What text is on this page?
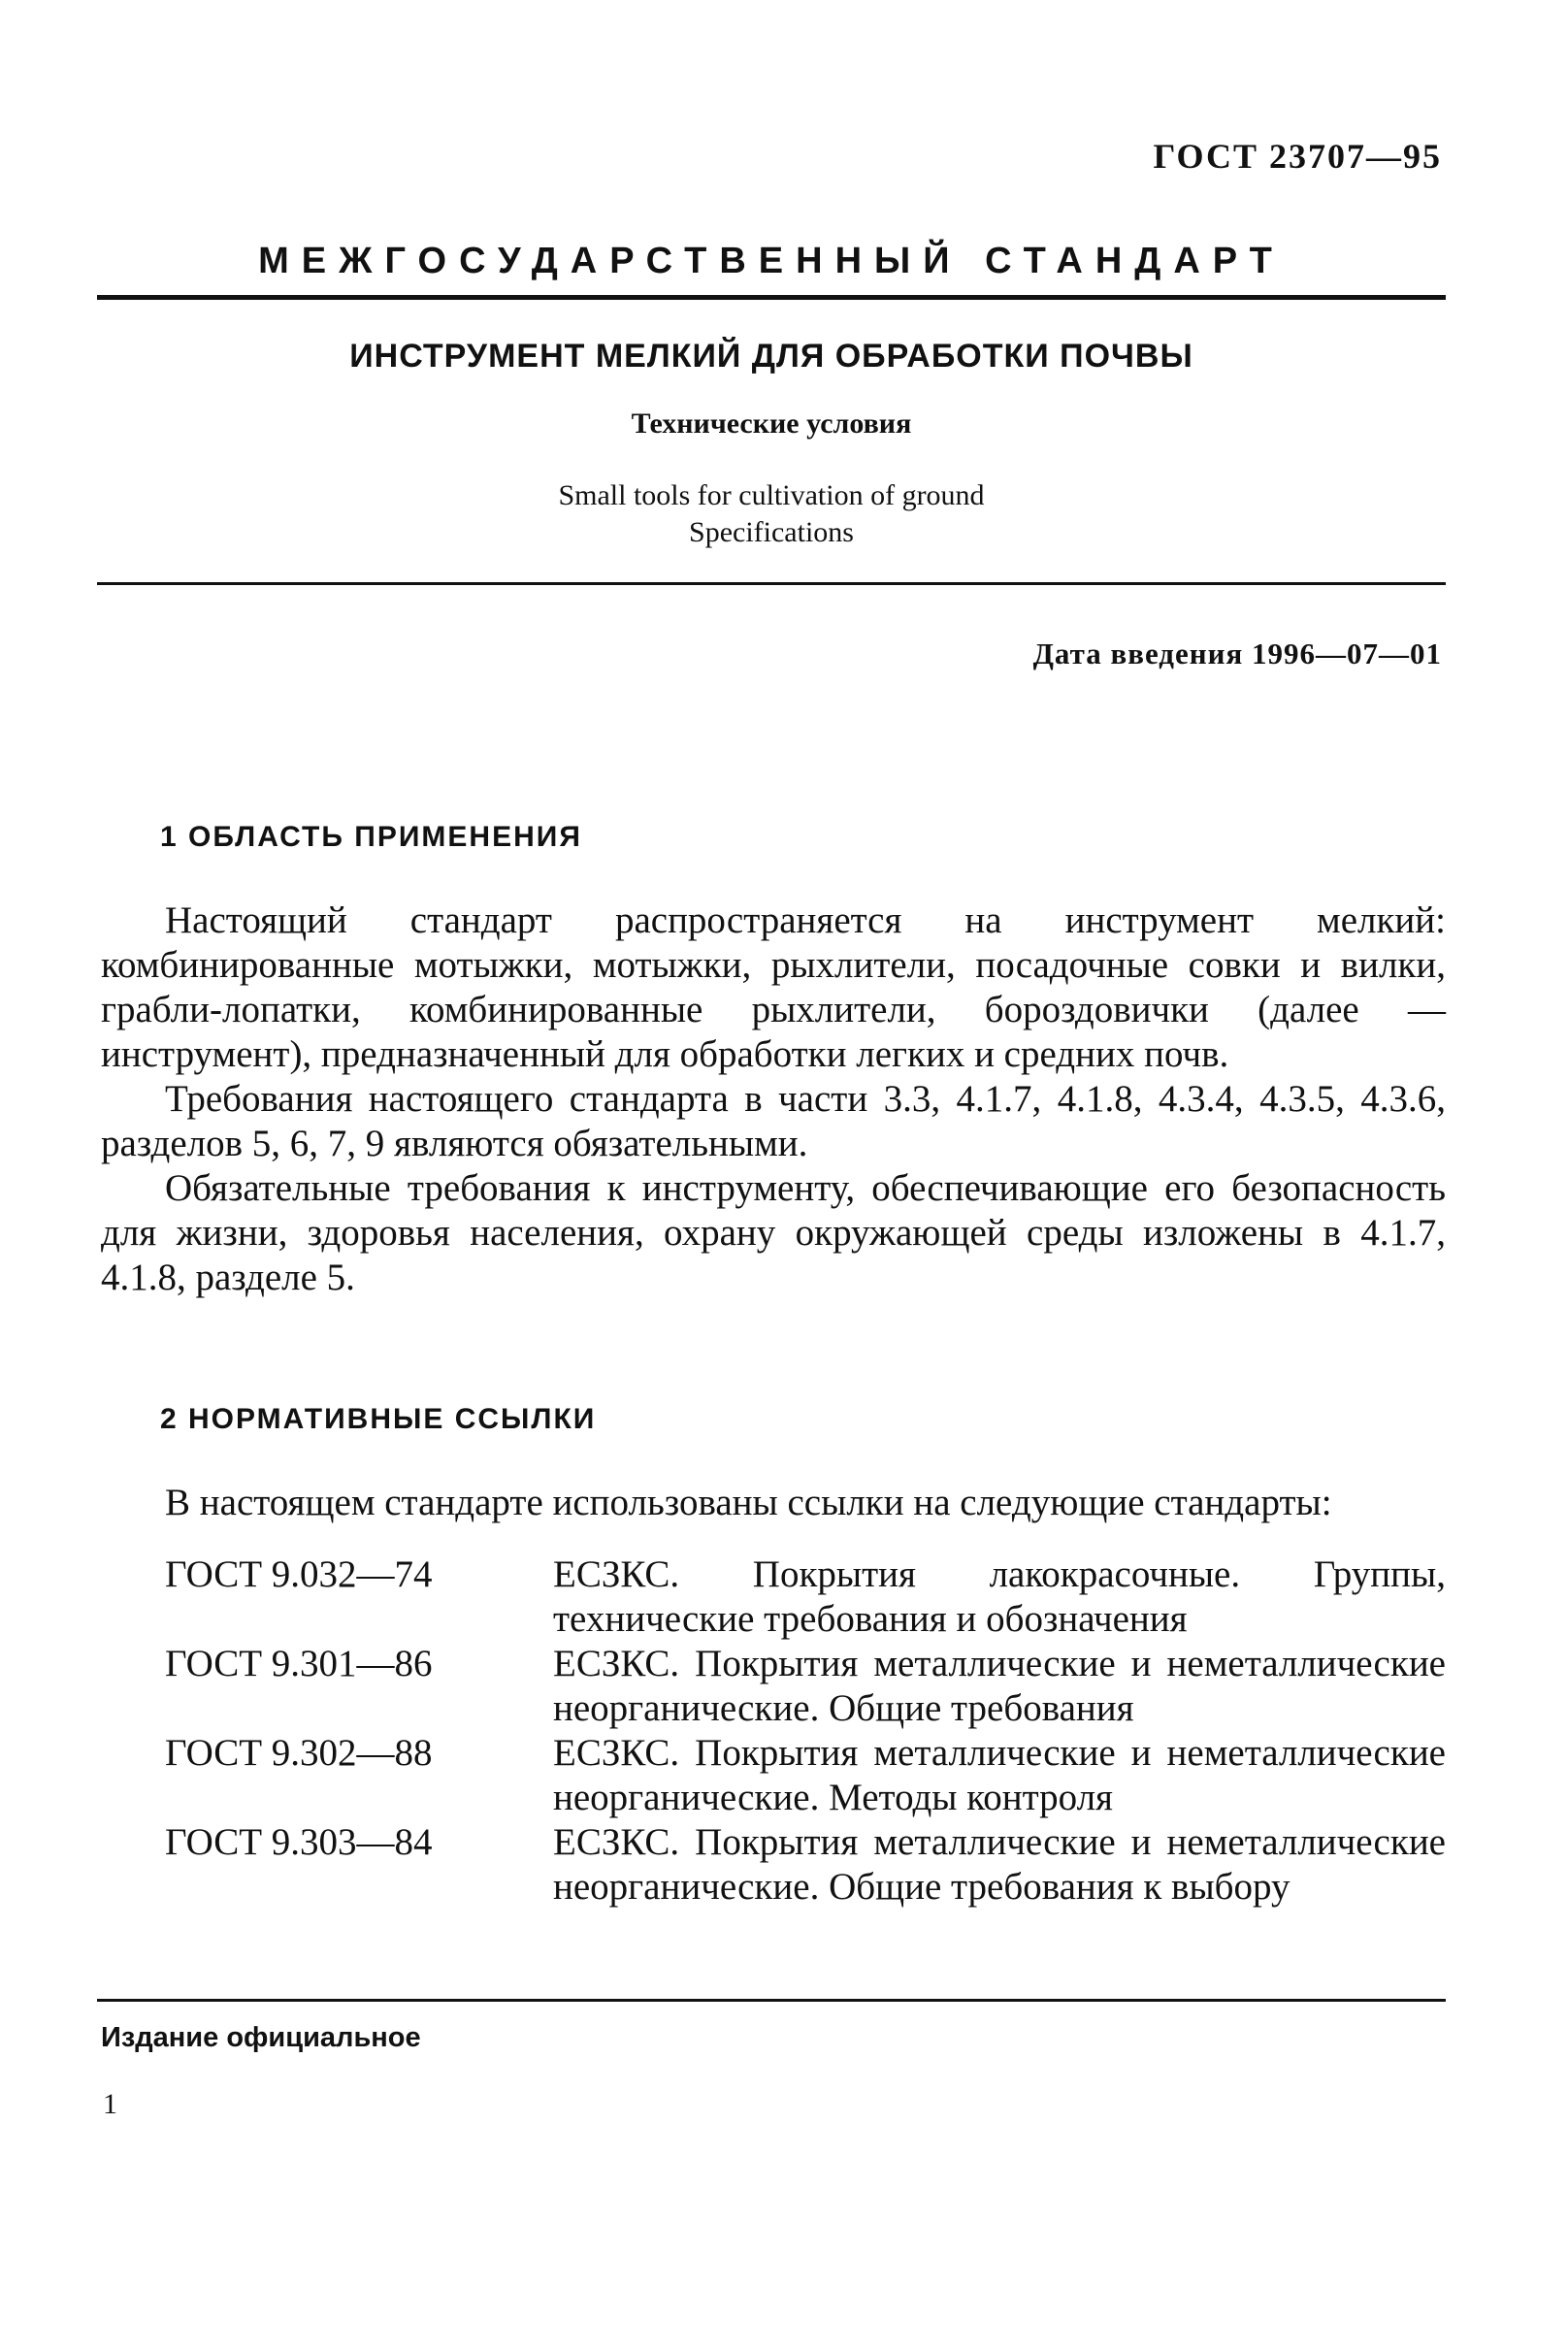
ГОСТ 23707—95
МЕЖГОСУДАРСТВЕННЫЙ СТАНДАРТ
ИНСТРУМЕНТ МЕЛКИЙ ДЛЯ ОБРАБОТКИ ПОЧВЫ
Технические условия
Small tools for cultivation of ground
Specifications
Дата введения 1996—07—01
1 ОБЛАСТЬ ПРИМЕНЕНИЯ

Настоящий стандарт распространяется на инструмент мелкий: комбинированные мотыжки, мотыжки, рыхлители, посадочные совки и вилки, грабли-лопатки, комбинированные рыхлители, бороздовички (далее — инструмент), предназначенный для обработки легких и средних почв.

Требования настоящего стандарта в части 3.3, 4.1.7, 4.1.8, 4.3.4, 4.3.5, 4.3.6, разделов 5, 6, 7, 9 являются обязательными.

Обязательные требования к инструменту, обеспечивающие его безопасность для жизни, здоровья населения, охрану окружающей среды изложены в 4.1.7, 4.1.8, разделе 5.

2 НОРМАТИВНЫЕ ССЫЛКИ

В настоящем стандарте использованы ссылки на следующие стандарты:

ГОСТ 9.032—74	ЕСЗКС. Покрытия лакокрасочные. Группы, технические требования и обозначения
ГОСТ 9.301—86	ЕСЗКС. Покрытия металлические и неметаллические неорганические. Общие требования
ГОСТ 9.302—88	ЕСЗКС. Покрытия металлические и неметаллические неорганические. Методы контроля
ГОСТ 9.303—84	ЕСЗКС. Покрытия металлические и неметаллические неорганические. Общие требования к выбору
Издание официальное
1
